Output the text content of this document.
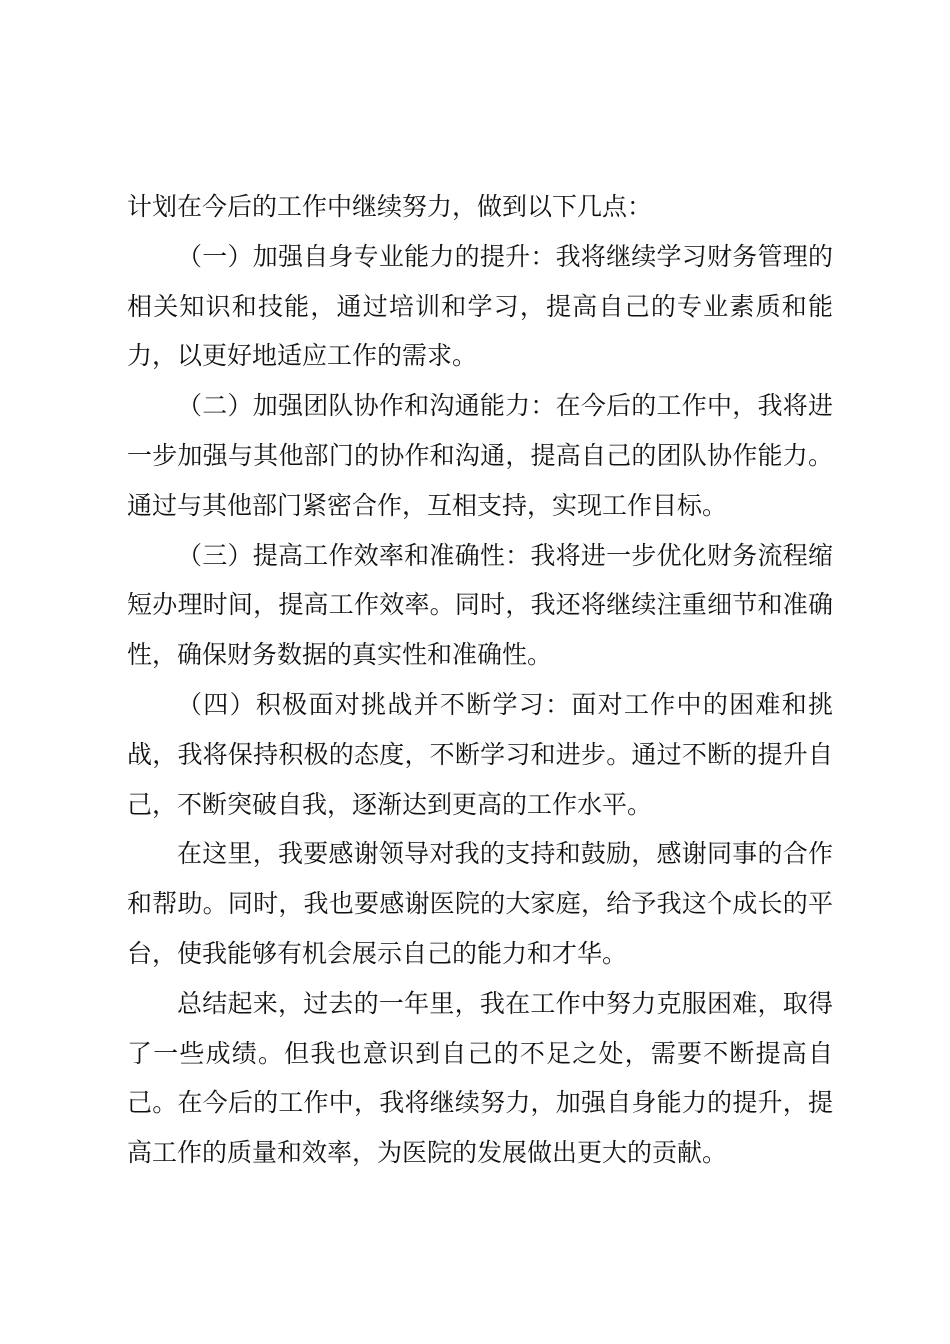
计划在今后的工作中继续努力，做到以下几点：

（一）加强自身专业能力的提升：我将继续学习财务管理的相关知识和技能，通过培训和学习，提高自己的专业素质和能力，以更好地适应工作的需求。

（二）加强团队协作和沟通能力：在今后的工作中，我将进一步加强与其他部门的协作和沟通，提高自己的团队协作能力。通过与其他部门紧密合作，互相支持，实现工作目标。

（三）提高工作效率和准确性：我将进一步优化财务流程缩短办理时间，提高工作效率。同时，我还将继续注重细节和准确性，确保财务数据的真实性和准确性。

（四）积极面对挑战并不断学习：面对工作中的困难和挑战，我将保持积极的态度，不断学习和进步。通过不断的提升自己，不断突破自我，逐渐达到更高的工作水平。

在这里，我要感谢领导对我的支持和鼓励，感谢同事的合作和帮助。同时，我也要感谢医院的大家庭，给予我这个成长的平台，使我能够有机会展示自己的能力和才华。

总结起来，过去的一年里，我在工作中努力克服困难，取得了一些成绩。但我也意识到自己的不足之处，需要不断提高自己。在今后的工作中，我将继续努力，加强自身能力的提升，提高工作的质量和效率，为医院的发展做出更大的贡献。
